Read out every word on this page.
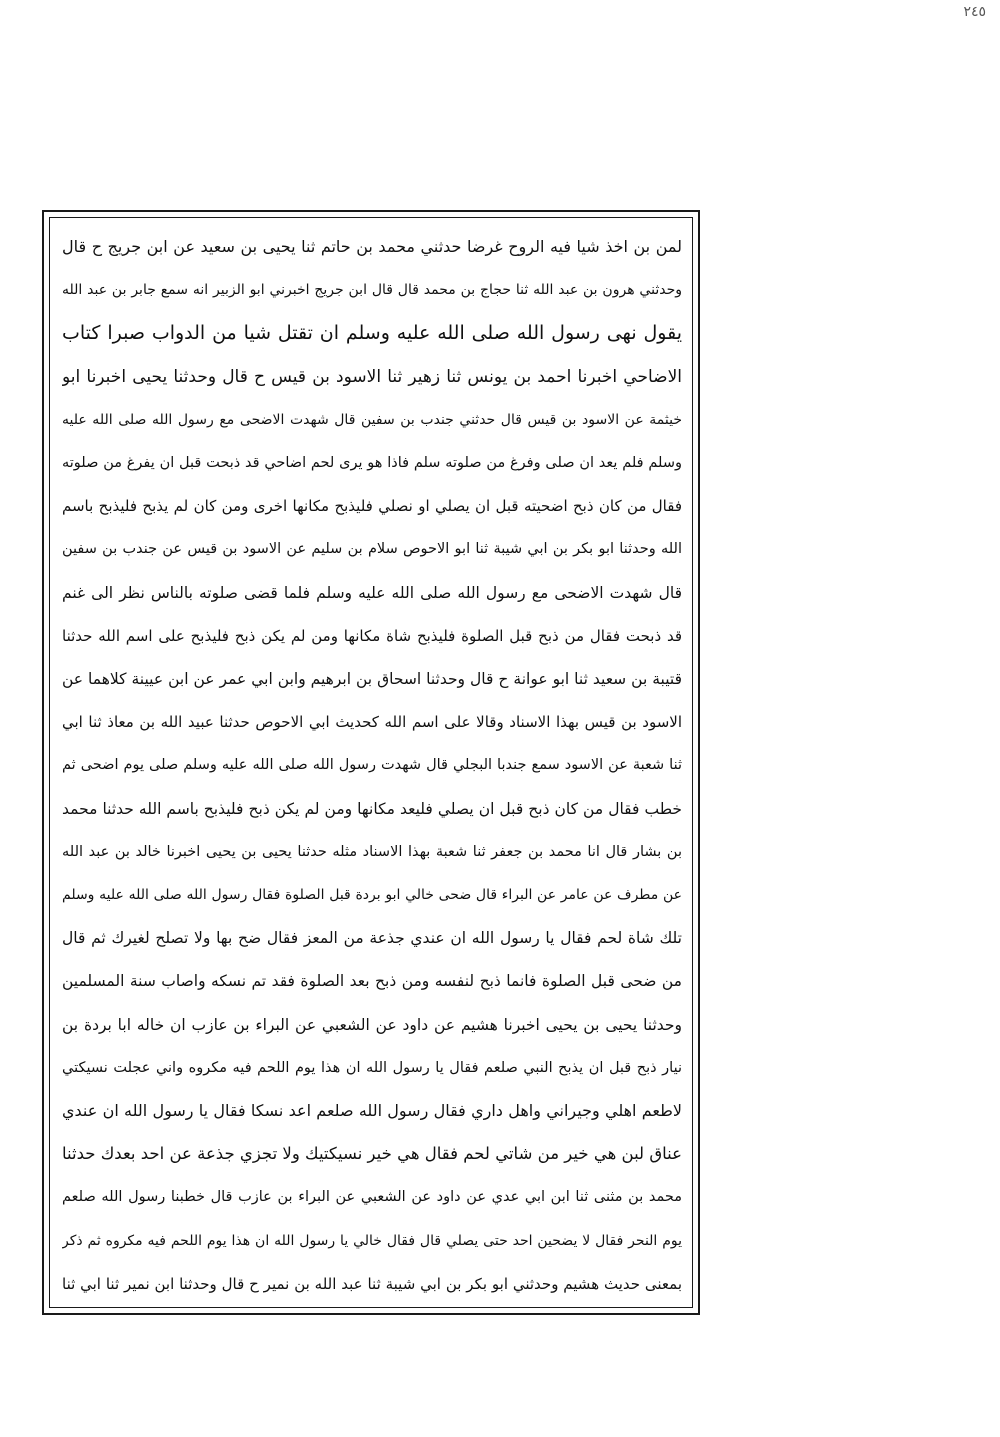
٢٤٥
لمن بن اخذ شيا فيه الروح غرضا حدثني محمد بن حاتم ثنا يحيى بن سعيد عن ابن جريج ح قال
وحدثني هرون بن عبد الله ثنا حجاج بن محمد قال قال ابن جريج اخبرني ابو الزبير انه سمع جابر بن عبد الله
يقول نهى رسول الله صلى الله عليه وسلم ان تقتل شيا من الدواب صبرا كتاب
الاضاحي اخبرنا احمد بن يونس ثنا زهير ثنا الاسود بن قيس ح قال وحدثنا يحيى اخبرنا ابو
خيثمة عن الاسود بن قيس قال حدثني جندب بن سفين قال شهدت الاضحى مع رسول الله صلى الله عليه
وسلم فلم يعد ان صلى وفرغ من صلوته سلم فاذا هو يرى لحم اضاحي قد ذبحت قبل ان يفرغ من صلوته
فقال من كان ذبح اضحيته قبل ان يصلي او نصلي فليذبح مكانها اخرى ومن كان لم يذبح فليذبح باسم
الله وحدثنا ابو بكر بن ابي شيبة ثنا ابو الاحوص سلام بن سليم عن الاسود بن قيس عن جندب بن سفين
قال شهدت الاضحى مع رسول الله صلى الله عليه وسلم فلما قضى صلوته بالناس نظر الى غنم
قد ذبحت فقال من ذبح قبل الصلوة فليذبح شاة مكانها ومن لم يكن ذبح فليذبح على اسم الله حدثنا
قتيبة بن سعيد ثنا ابو عوانة ح قال وحدثنا اسحاق بن ابرهيم وابن ابي عمر عن ابن عيينة كلاهما عن
الاسود بن قيس بهذا الاسناد وقالا على اسم الله كحديث ابي الاحوص حدثنا عبيد الله بن معاذ ثنا ابي
ثنا شعبة عن الاسود سمع جندبا البجلي قال شهدت رسول الله صلى الله عليه وسلم صلى يوم اضحى ثم
خطب فقال من كان ذبح قبل ان يصلي فليعد مكانها ومن لم يكن ذبح فليذبح باسم الله حدثنا محمد
بن بشار قال انا محمد بن جعفر ثنا شعبة بهذا الاسناد مثله حدثنا يحيى بن يحيى اخبرنا خالد بن عبد الله
عن مطرف عن عامر عن البراء قال ضحى خالي ابو بردة قبل الصلوة فقال رسول الله صلى الله عليه وسلم
تلك شاة لحم فقال يا رسول الله ان عندي جذعة من المعز فقال ضح بها ولا تصلح لغيرك ثم قال
من ضحى قبل الصلوة فانما ذبح لنفسه ومن ذبح بعد الصلوة فقد تم نسكه واصاب سنة المسلمين
وحدثنا يحيى بن يحيى اخبرنا هشيم عن داود عن الشعبي عن البراء بن عازب ان خاله ابا بردة بن
نيار ذبح قبل ان يذبح النبي صلعم فقال يا رسول الله ان هذا يوم اللحم فيه مكروه واني عجلت نسيكتي
لاطعم اهلي وجيراني واهل داري فقال رسول الله صلعم اعد نسكا فقال يا رسول الله ان عندي
عناق لبن هي خير من شاتي لحم فقال هي خير نسيكتيك ولا تجزي جذعة عن احد بعدك حدثنا
محمد بن مثنى ثنا ابن ابي عدي عن داود عن الشعبي عن البراء بن عازب قال خطبنا رسول الله صلعم
يوم النحر فقال لا يضحين احد حتى يصلي قال فقال خالي يا رسول الله ان هذا يوم اللحم فيه مكروه ثم ذكر
بمعنى حديث هشيم وحدثني ابو بكر بن ابي شيبة ثنا عبد الله بن نمير ح قال وحدثنا ابن نمير ثنا ابي ثنا
